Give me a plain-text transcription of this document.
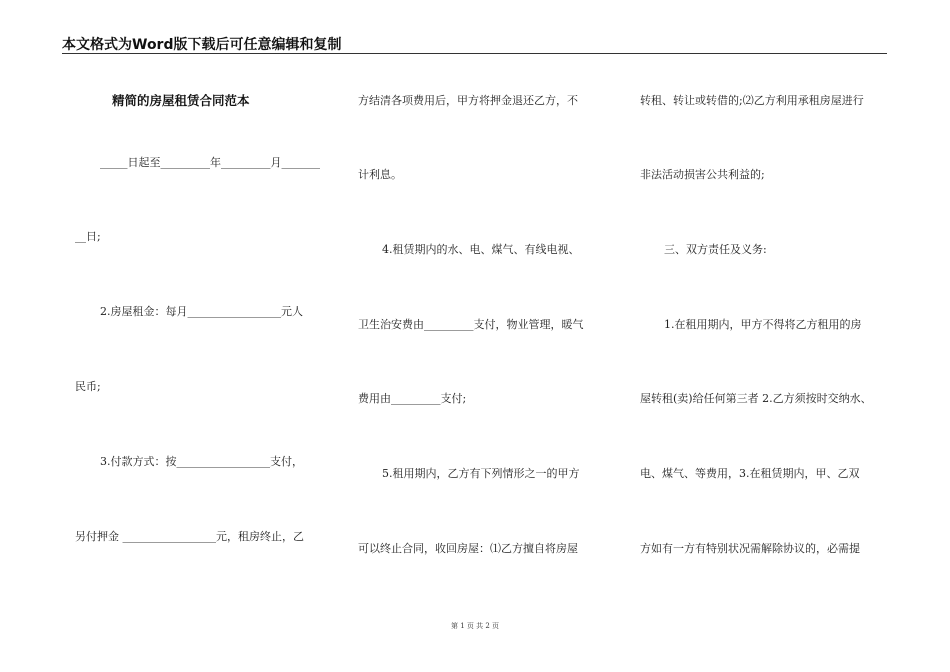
本文格式为Word版下载后可任意编辑和复制
精简的房屋租赁合同范本
_____日起至_________年_________月_______
__日;
2.房屋租金：每月_________________元人
民币;
3.付款方式：按_________________支付，
另付押金 _________________元，租房终止，乙
方结清各项费用后，甲方将押金退还乙方，不
计利息。
4.租赁期内的水、电、煤气、有线电视、
卫生治安费由_________支付，物业管理，暖气
费用由_________支付;
5.租用期内，乙方有下列情形之一的甲方
可以终止合同，收回房屋：⑴乙方擅自将房屋
转租、转让或转借的;⑵乙方利用承租房屋进行
非法活动损害公共利益的;
三、双方责任及义务:
1.在租用期内，甲方不得将乙方租用的房
屋转租(卖)给任何第三者 2.乙方须按时交纳水、
电、煤气、等费用，3.在租赁期内，甲、乙双
方如有一方有特别状况需解除协议的，必需提
第 1 页 共 2 页
